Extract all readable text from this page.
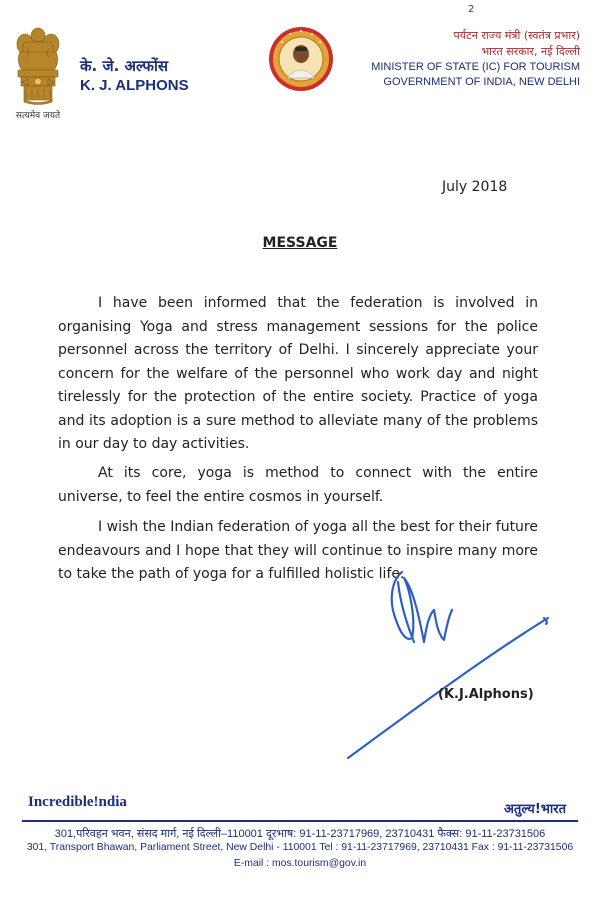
सत्यमेव जयते
के. जे. अल्फोंस
K. J. ALPHONS
2
पर्यटन राज्य मंत्री (स्वतंत्र प्रभार)
भारत सरकार, नई दिल्ली
MINISTER OF STATE (IC) FOR TOURISM
GOVERNMENT OF INDIA, NEW DELHI
July 2018
MESSAGE

I have been informed that the federation is involved in organising Yoga and stress management sessions for the police personnel across the territory of Delhi. I sincerely appreciate your concern for the welfare of the personnel who work day and night tirelessly for the protection of the entire society. Practice of yoga and its adoption is a sure method to alleviate many of the problems in our day to day activities.

At its core, yoga is method to connect with the entire universe, to feel the entire cosmos in yourself.

I wish the Indian federation of yoga all the best for their future endeavours and I hope that they will continue to inspire many more to take the path of yoga for a fulfilled holistic life.

(K.J.Alphons)
Incredible!ndia	अतुल्य!भारत
301,परिवहन भवन, संसद मार्ग, नई दिल्ली–110001 दूरभाष: 91-11-23717969, 23710431 फैक्स: 91-11-23731506
301, Transport Bhawan, Parliament Street, New Delhi - 110001 Tel : 91-11-23717969, 23710431 Fax : 91-11-23731506
E-mail : mos.tourism@gov.in
